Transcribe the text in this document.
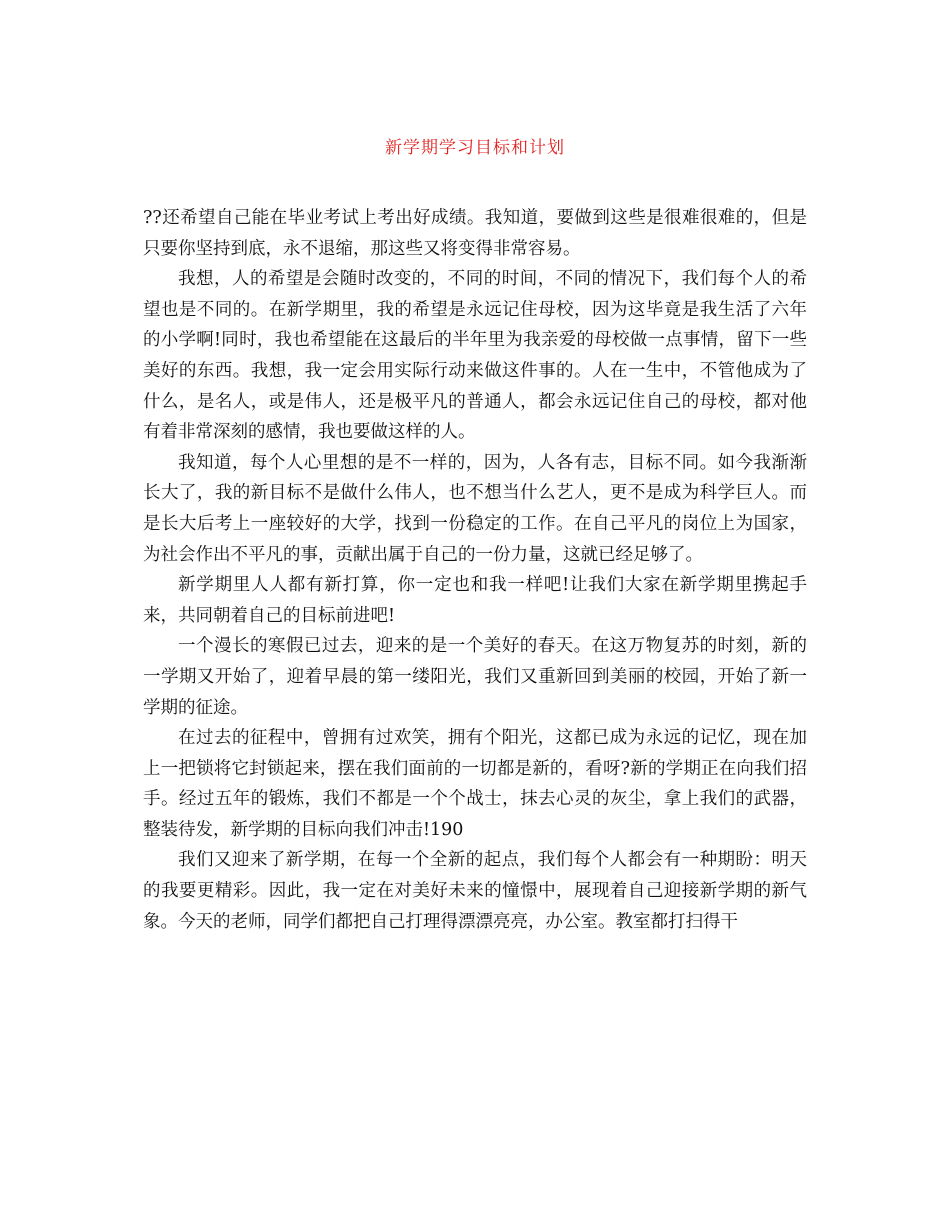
新学期学习目标和计划

??还希望自己能在毕业考试上考出好成绩。我知道，要做到这些是很难很难的，但是只要你坚持到底，永不退缩，那这些又将变得非常容易。

我想，人的希望是会随时改变的，不同的时间，不同的情况下，我们每个人的希望也是不同的。在新学期里，我的希望是永远记住母校，因为这毕竟是我生活了六年的小学啊!同时，我也希望能在这最后的半年里为我亲爱的母校做一点事情，留下一些美好的东西。我想，我一定会用实际行动来做这件事的。人在一生中，不管他成为了什么，是名人，或是伟人，还是极平凡的普通人，都会永远记住自己的母校，都对他有着非常深刻的感情，我也要做这样的人。

我知道，每个人心里想的是不一样的，因为，人各有志，目标不同。如今我渐渐长大了，我的新目标不是做什么伟人，也不想当什么艺人，更不是成为科学巨人。而是长大后考上一座较好的大学，找到一份稳定的工作。在自己平凡的岗位上为国家，为社会作出不平凡的事，贡献出属于自己的一份力量，这就已经足够了。

新学期里人人都有新打算，你一定也和我一样吧!让我们大家在新学期里携起手来，共同朝着自己的目标前进吧!

一个漫长的寒假已过去，迎来的是一个美好的春天。在这万物复苏的时刻，新的一学期又开始了，迎着早晨的第一缕阳光，我们又重新回到美丽的校园，开始了新一学期的征途。

在过去的征程中，曾拥有过欢笑，拥有个阳光，这都已成为永远的记忆，现在加上一把锁将它封锁起来，摆在我们面前的一切都是新的，看呀?新的学期正在向我们招手。经过五年的锻炼，我们不都是一个个战士，抹去心灵的灰尘，拿上我们的武器，整装待发，新学期的目标向我们冲击!190

我们又迎来了新学期，在每一个全新的起点，我们每个人都会有一种期盼：明天的我要更精彩。因此，我一定在对美好未来的憧憬中，展现着自己迎接新学期的新气象。今天的老师，同学们都把自己打理得漂漂亮亮，办公室。教室都打扫得干
